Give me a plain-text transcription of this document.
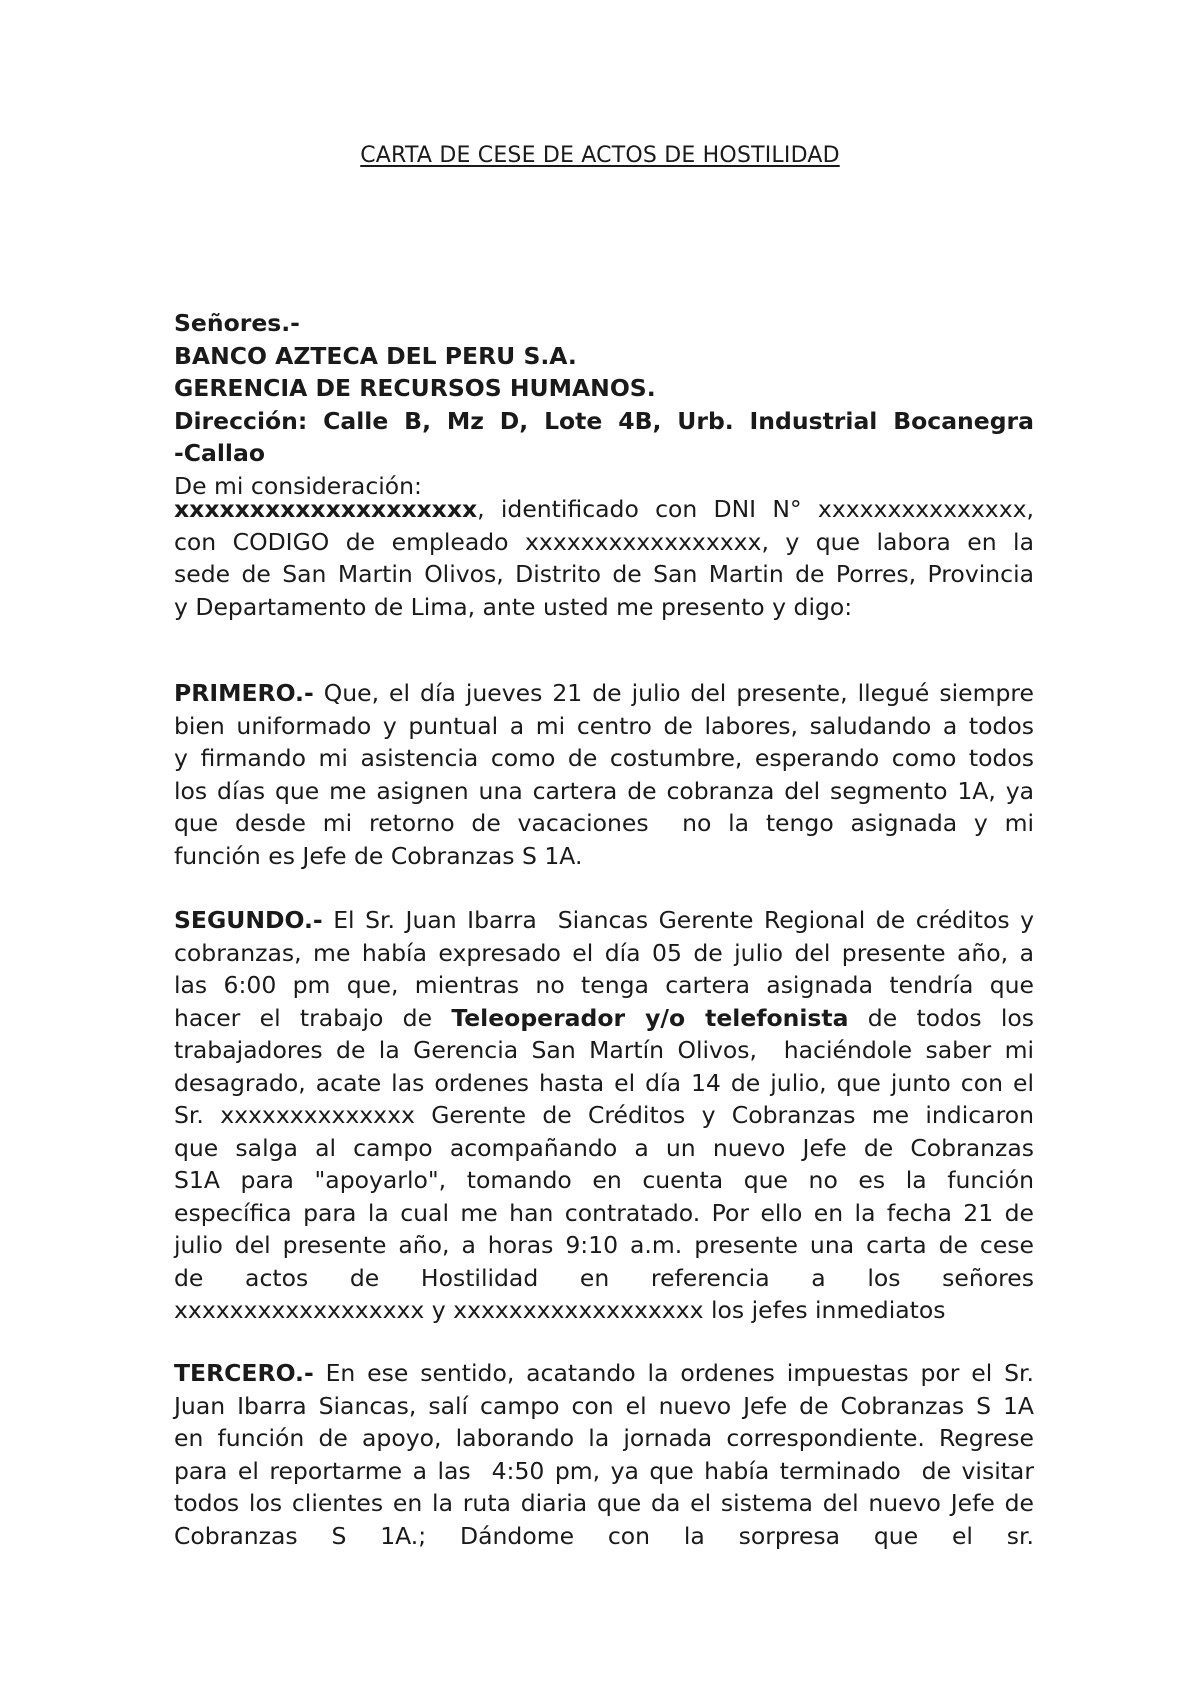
CARTA DE CESE DE ACTOS DE HOSTILIDAD
Señores.-
BANCO AZTECA DEL PERU S.A.
GERENCIA DE RECURSOS HUMANOS.
Dirección: Calle B, Mz D, Lote 4B, Urb. Industrial Bocanegra
-Callao
De mi consideración:
xxxxxxxxxxxxxxxxxxxx, identificado con DNI N° xxxxxxxxxxxxxxx,
con CODIGO de empleado xxxxxxxxxxxxxxxxx, y que labora en la
sede de San Martin Olivos, Distrito de San Martin de Porres, Provincia
y Departamento de Lima, ante usted me presento y digo:
PRIMERO.- Que, el día jueves 21 de julio del presente, llegué siempre
bien uniformado y puntual a mi centro de labores, saludando a todos
y firmando mi asistencia como de costumbre, esperando como todos
los días que me asignen una cartera de cobranza del segmento 1A, ya
que desde mi retorno de vacaciones  no la tengo asignada y mi
función es Jefe de Cobranzas S 1A.
SEGUNDO.- El Sr. Juan Ibarra  Siancas Gerente Regional de créditos y
cobranzas, me había expresado el día 05 de julio del presente año, a
las 6:00 pm que, mientras no tenga cartera asignada tendría que
hacer el trabajo de Teleoperador y/o telefonista de todos los
trabajadores de la Gerencia San Martín Olivos,  haciéndole saber mi
desagrado, acate las ordenes hasta el día 14 de julio, que junto con el
Sr. xxxxxxxxxxxxxx Gerente de Créditos y Cobranzas me indicaron
que salga al campo acompañando a un nuevo Jefe de Cobranzas
S1A para "apoyarlo", tomando en cuenta que no es la función
específica para la cual me han contratado. Por ello en la fecha 21 de
julio del presente año, a horas 9:10 a.m. presente una carta de cese
de actos de Hostilidad en referencia a los señores
xxxxxxxxxxxxxxxxxx y xxxxxxxxxxxxxxxxxx los jefes inmediatos
TERCERO.- En ese sentido, acatando la ordenes impuestas por el Sr.
Juan Ibarra Siancas, salí campo con el nuevo Jefe de Cobranzas S 1A
en función de apoyo, laborando la jornada correspondiente. Regrese
para el reportarme a las  4:50 pm, ya que había terminado  de visitar
todos los clientes en la ruta diaria que da el sistema del nuevo Jefe de
Cobranzas S 1A.; Dándome con la sorpresa que el sr.
